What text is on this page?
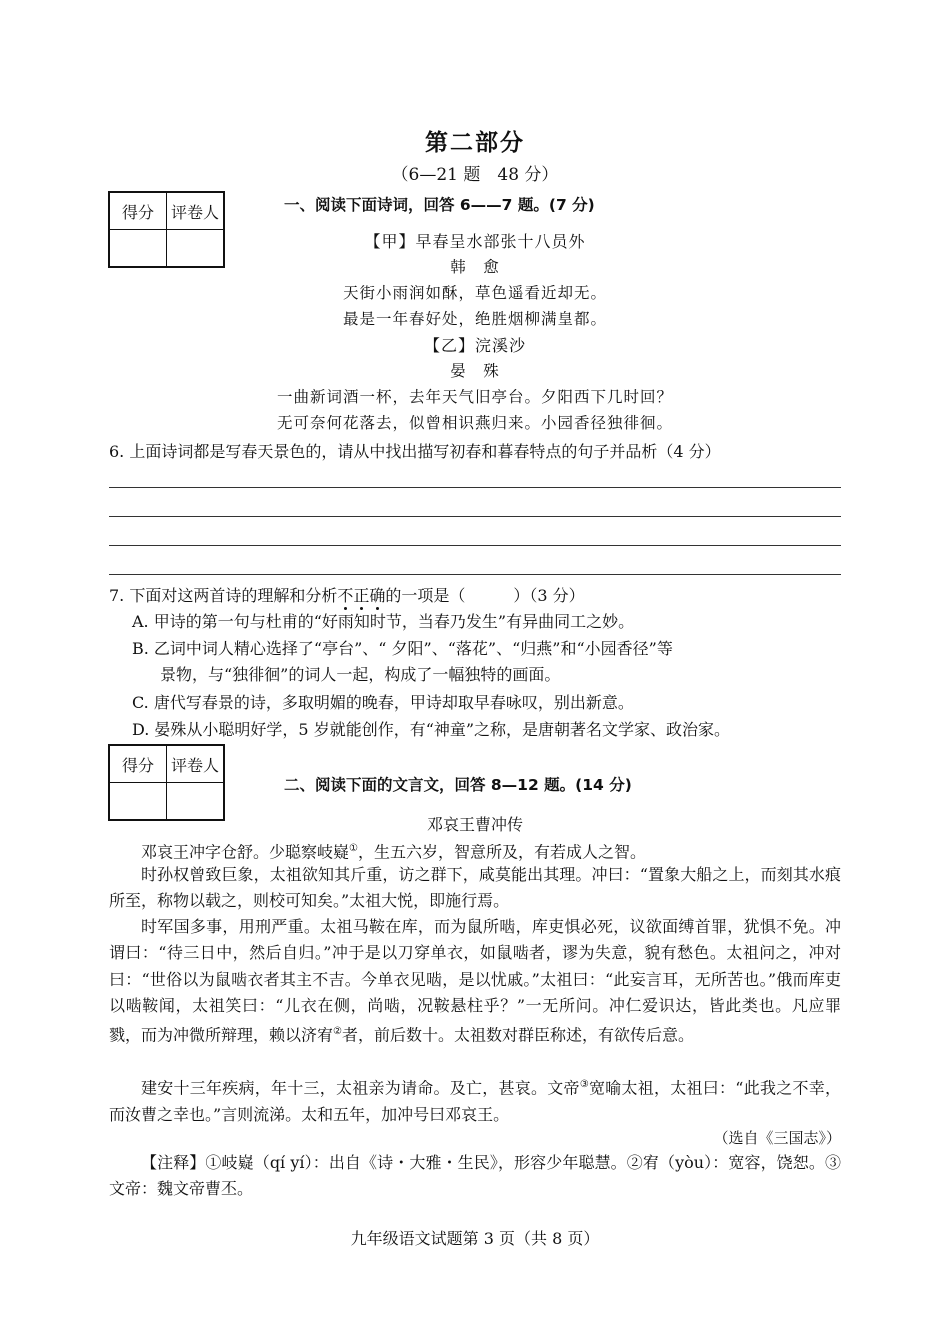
第二部分
（6—21 题　48 分）
得分	评卷人
		一、阅读下面诗词，回答 6——7 题。(7 分)
【甲】早春呈水部张十八员外
韩　愈
天街小雨润如酥，草色遥看近却无。
最是一年春好处，绝胜烟柳满皇都。
【乙】浣溪沙
晏　殊
一曲新词酒一杯，去年天气旧亭台。夕阳西下几时回？
无可奈何花落去，似曾相识燕归来。小园香径独徘徊。
6. 上面诗词都是写春天景色的，请从中找出描写初春和暮春特点的句子并品析（4 分）
7. 下面对这两首诗的理解和分析不正确的一项是（　　　）（3 分）
A. 甲诗的第一句与杜甫的“好雨知时节，当春乃发生”有异曲同工之妙。
B. 乙词中词人精心选择了“亭台”、“ 夕阳”、“落花”、“归燕”和“小园香径”等
景物，与“独徘徊”的词人一起，构成了一幅独特的画面。
C. 唐代写春景的诗，多取明媚的晚春，甲诗却取早春咏叹，别出新意。
D. 晏殊从小聪明好学，5 岁就能创作，有“神童”之称，是唐朝著名文学家、政治家。
得分	评卷人

二、阅读下面的文言文，回答 8—12 题。(14 分)
邓哀王曹冲传
邓哀王冲字仓舒。少聪察岐嶷①，生五六岁，智意所及，有若成人之智。
时孙权曾致巨象，太祖欲知其斤重，访之群下，咸莫能出其理。冲曰：“置象大船之上，而刻其水痕所至，称物以载之，则校可知矣。”太祖大悦，即施行焉。
时军国多事，用刑严重。太祖马鞍在库，而为鼠所啮，库吏惧必死，议欲面缚首罪，犹惧不免。冲谓曰：“待三日中，然后自归。”冲于是以刀穿单衣，如鼠啮者，谬为失意，貌有愁色。太祖问之，冲对曰：“世俗以为鼠啮衣者其主不吉。今单衣见啮，是以忧戚。”太祖曰：“此妄言耳，无所苦也。”俄而库吏以啮鞍闻，太祖笑曰：“儿衣在侧，尚啮，况鞍悬柱乎？”一无所问。冲仁爱识达，皆此类也。凡应罪戮，而为冲微所辩理，赖以济宥②者，前后数十。太祖数对群臣称述，有欲传后意。
建安十三年疾病，年十三，太祖亲为请命。及亡，甚哀。文帝③宽喻太祖，太祖曰：“此我之不幸，而汝曹之幸也。”言则流涕。太和五年，加冲号曰邓哀王。
（选自《三国志》）
【注释】①岐嶷（qí yí）：出自《诗・大雅・生民》，形容少年聪慧。②宥（yòu）：宽容，饶恕。③ 文帝：魏文帝曹丕。
九年级语文试题第 3 页（共 8 页）
